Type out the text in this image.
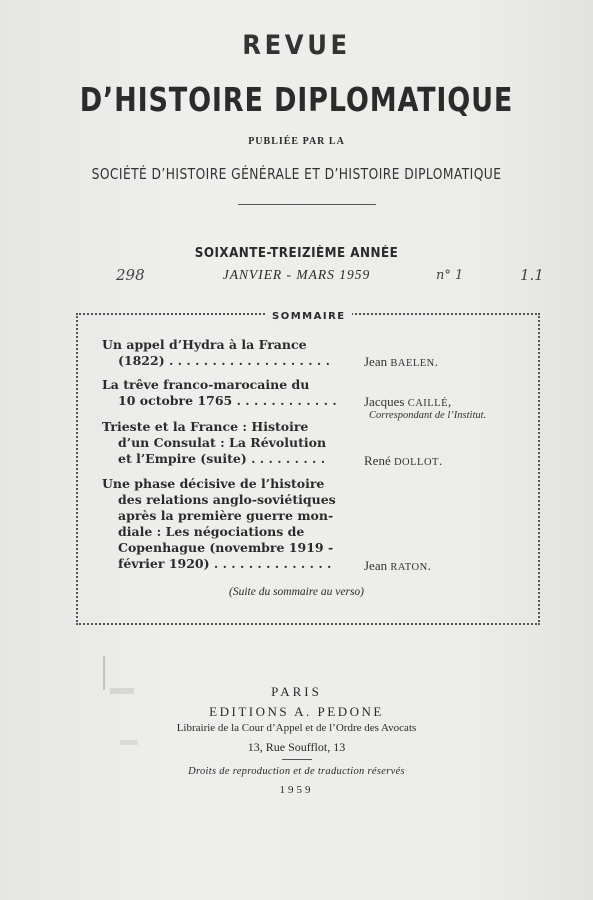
REVUE
D’HISTOIRE DIPLOMATIQUE
PUBLIÉE PAR LA
SOCIÉTÉ D’HISTOIRE GÉNÉRALE ET D’HISTOIRE DIPLOMATIQUE
SOIXANTE-TREIZIÈME ANNÉE
JANVIER - MARS 1959
298	n° 1	1.1
SOMMAIRE
Un appel d’Hydra à la France
(1822) . . . . . . . . . . . . . . . . . . .	Jean BAELEN.
La trêve franco-marocaine du
10 octobre 1765 . . . . . . . . . . . . Jacques CAILLÉ,
Correspondant de l’Institut.
Trieste et la France : Histoire
d’un Consulat : La Révolution
et l’Empire (suite) . . . . . . . . .	René DOLLOT.
Une phase décisive de l’histoire
des relations anglo-soviétiques
après la première guerre mon-
diale : Les négociations de
Copenhague (novembre 1919 -
février 1920) . . . . . . . . . . . . . .	Jean RATON.
(Suite du sommaire au verso)
PARIS
EDITIONS A. PEDONE
Librairie de la Cour d’Appel et de l’Ordre des Avocats
13, Rue Soufflot, 13
Droits de reproduction et de traduction réservés
1959
